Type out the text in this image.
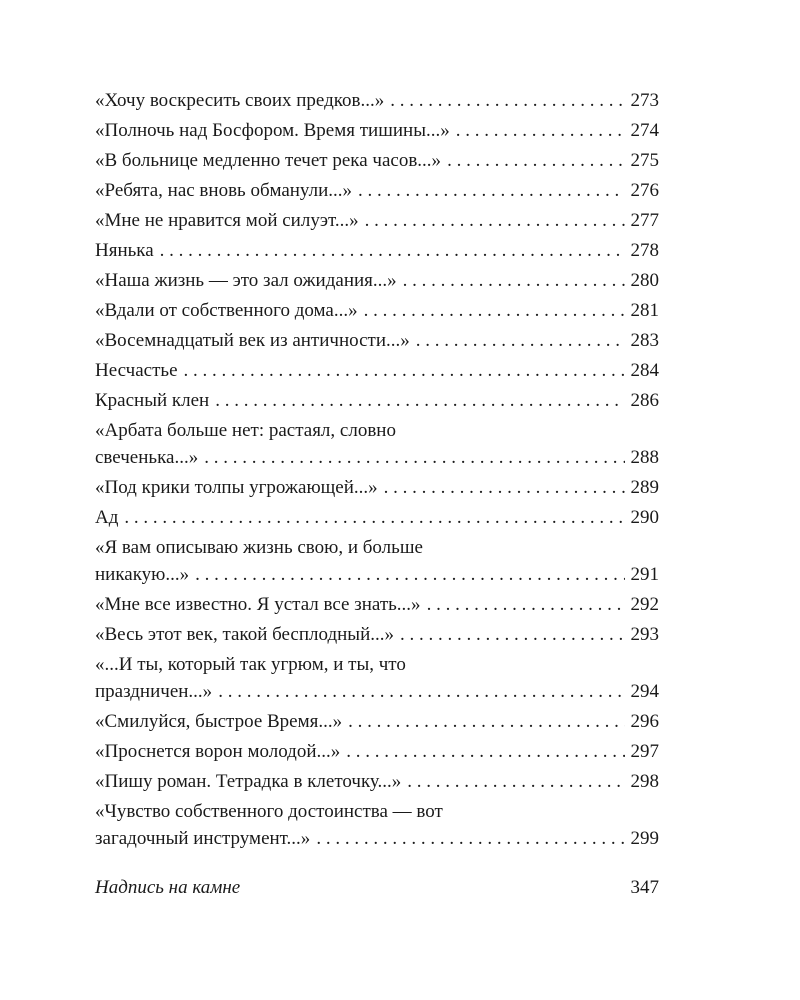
«Хочу воскресить своих предков...» . . .	273
«Полночь над Босфором. Время тишины...» . . .	274
«В больнице медленно течет река часов...» . . .	275
«Ребята, нас вновь обманули...» . . .	276
«Мне не нравится мой силуэт...» . . .	277
Нянька . . .	278
«Наша жизнь — это зал ожидания...» . . .	280
«Вдали от собственного дома...» . . .	281
«Восемнадцатый век из античности...» . . .	283
Несчастье . . .	284
Красный клен . . .	286
«Арбата больше нет: растаял, словно
свеченька...» . . .	288
«Под крики толпы угрожающей...» . . .	289
Ад . . .	290
«Я вам описываю жизнь свою, и больше
никакую...» . . .	291
«Мне все известно. Я устал все знать...» . . .	292
«Весь этот век, такой бесплодный...» . . .	293
«...И ты, который так угрюм, и ты, что
праздничен...» . . .	294
«Смилуйся, быстрое Время...» . . .	296
«Проснется ворон молодой...» . . .	297
«Пишу роман. Тетрадка в клеточку...» . . .	298
«Чувство собственного достоинства — вот
загадочный инструмент...» . . .	299
Надпись на камне	347
